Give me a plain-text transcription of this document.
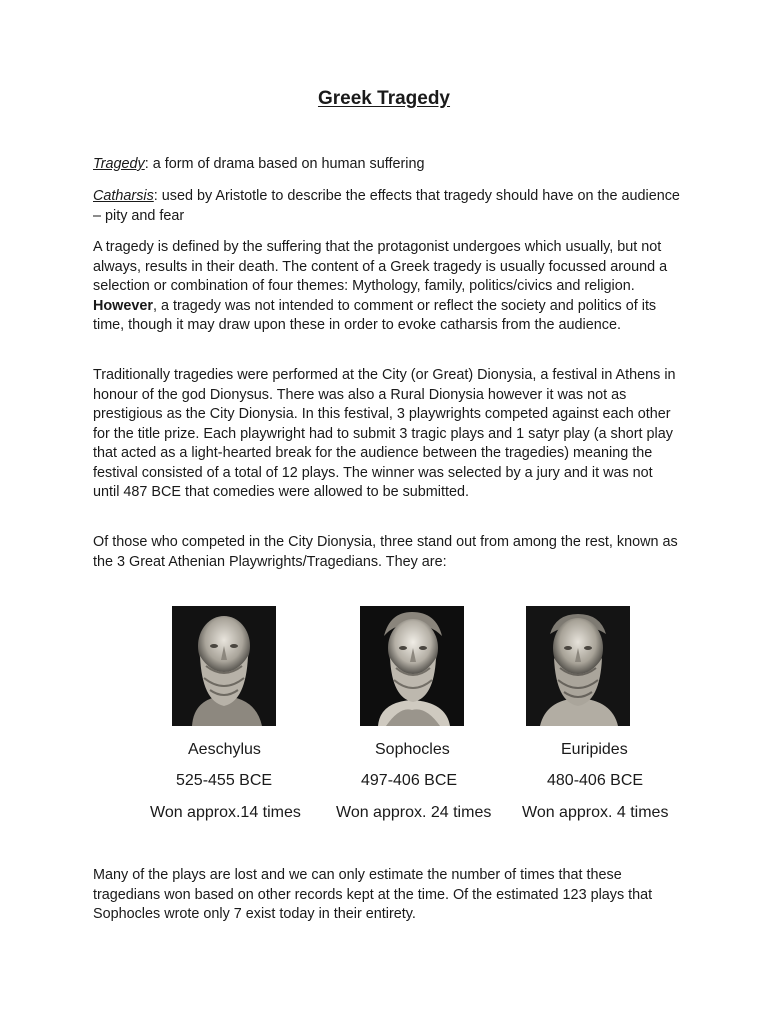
Greek Tragedy
Tragedy: a form of drama based on human suffering
Catharsis: used by Aristotle to describe the effects that tragedy should have on the audience – pity and fear
A tragedy is defined by the suffering that the protagonist undergoes which usually, but not always, results in their death. The content of a Greek tragedy is usually focussed around a selection or combination of four themes: Mythology, family, politics/civics and religion. However, a tragedy was not intended to comment or reflect the society and politics of its time, though it may draw upon these in order to evoke catharsis from the audience.
Traditionally tragedies were performed at the City (or Great) Dionysia, a festival in Athens in honour of the god Dionysus. There was also a Rural Dionysia however it was not as prestigious as the City Dionysia. In this festival, 3 playwrights competed against each other for the title prize. Each playwright had to submit 3 tragic plays and 1 satyr play (a short play that acted as a light-hearted break for the audience between the tragedies) meaning the festival consisted of a total of 12 plays. The winner was selected by a jury and it was not until 487 BCE that comedies were allowed to be submitted.
Of those who competed in the City Dionysia, three stand out from among the rest, known as the 3 Great Athenian Playwrights/Tragedians. They are:
Aeschylus
525-455 BCE
Won approx.14 times
Sophocles
497-406 BCE
Won approx. 24 times
Euripides
480-406 BCE
Won approx. 4 times
Many of the plays are lost and we can only estimate the number of times that these tragedians won based on other records kept at the time. Of the estimated 123 plays that Sophocles wrote only 7 exist today in their entirety.
